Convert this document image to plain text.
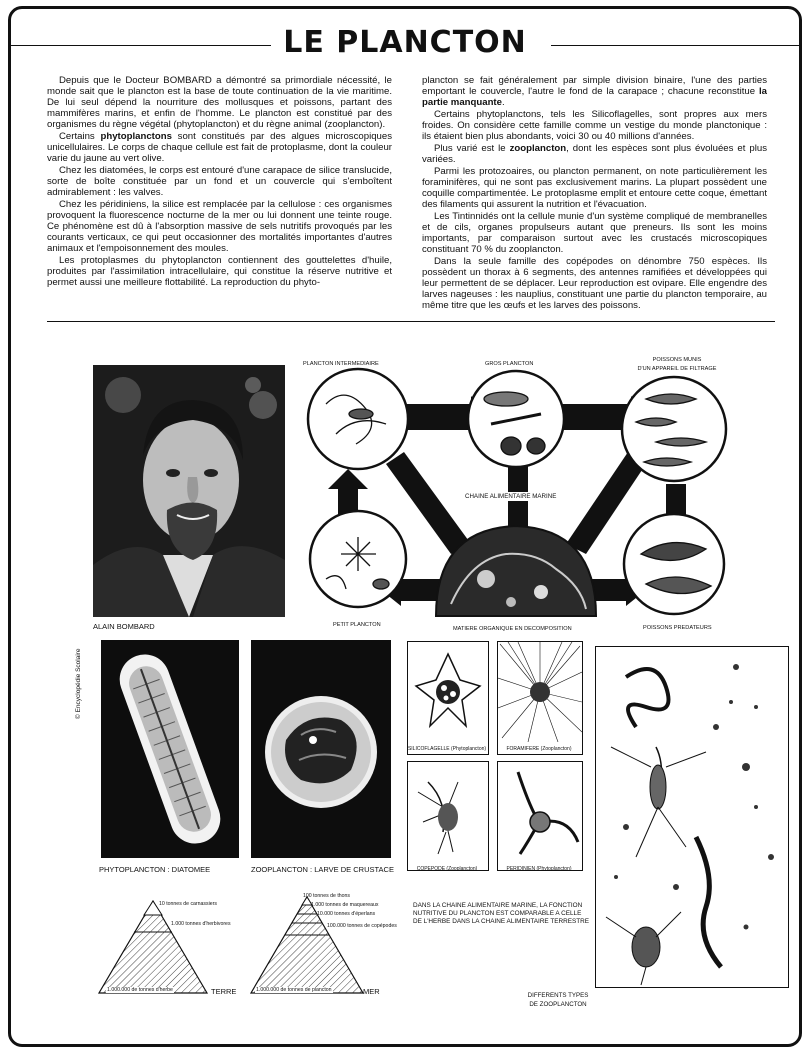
LE PLANCTON

Depuis que le Docteur BOMBARD a démontré sa primordiale nécessité, le monde sait que le plancton est la base de toute continuation de la vie maritime. De lui seul dépend la nourriture des mollusques et poissons, partant des mammifères marins, et enfin de l'homme. Le plancton est constitué par des organismes du règne végétal (phytoplancton) et du règne animal (zooplancton).

Certains phytoplanctons sont constitués par des algues microscopiques unicellulaires. Le corps de chaque cellule est fait de protoplasme, dont la couleur varie du jaune au vert olive.

Chez les diatomées, le corps est entouré d'une carapace de silice translucide, sorte de boîte constituée par un fond et un couvercle qui s'emboîtent admirablement : les valves.

Chez les péridiniens, la silice est remplacée par la cellulose : ces organismes provoquent la fluorescence nocturne de la mer ou lui donnent une teinte rouge. Ce phénomène est dû à l'absorption massive de sels nutritifs provoqués par les courants verticaux, ce qui peut occasionner des mortalités importantes d'autres animaux et l'empoisonnement des moules.

Les protoplasmes du phytoplancton contiennent des gouttelettes d'huile, produites par l'assimilation intracellulaire, qui constitue la réserve nutritive et permet aussi une meilleure flottabilité. La reproduction du phyto-

plancton se fait généralement par simple division binaire, l'une des parties emportant le couvercle, l'autre le fond de la carapace ; chacune reconstitue la partie manquante.

Certains phytoplanctons, tels les Silicoflagelles, sont propres aux mers froides. On considère cette famille comme un vestige du monde planctonique : ils étaient bien plus abondants, voici 30 ou 40 millions d'années.

Plus varié est le zooplancton, dont les espèces sont plus évoluées et plus variées.

Parmi les protozoaires, ou plancton permanent, on note particulièrement les foraminifères, qui ne sont pas exclusivement marins. La plupart possèdent une coquille compartimentée. Le protoplasme emplit et entoure cette coque, émettant des filaments qui assurent la nutrition et l'évacuation.

Les Tintinnidés ont la cellule munie d'un système compliqué de membranelles et de cils, organes propulseurs autant que preneurs. Ils sont les moins importants, par comparaison surtout avec les crustacés microscopiques constituant 70 % du zooplancton.

Dans la seule famille des copépodes on dénombre 750 espèces. Ils possèdent un thorax à 6 segments, des antennes ramifiées et développées qui leur permettent de se déplacer. Leur reproduction est ovipare. Elle engendre des larves nageuses : les nauplius, constituant une partie du plancton temporaire, au même titre que les œufs et les larves des poissons.

ALAIN BOMBARD
PLANCTON INTERMEDIAIRE	GROS PLANCTON
POISSONS MUNIS
D'UN APPAREIL DE FILTRAGE
CHAINE ALIMENTAIRE MARINE
PETIT PLANCTON
MATIERE ORGANIQUE EN DECOMPOSITION	POISSONS PREDATEURS
PHYTOPLANCTON : DIATOMEE	ZOOPLANCTON : LARVE DE CRUSTACE
© Encyclopédie Scolaire
SILICOFLAGELLE (Phytoplancton)	FORAMIFERE (Zooplancton)
COPEPODE (Zooplancton)	PERIDINIEN (Phytoplancton)
DIFFERENTS TYPES
DE ZOOPLANCTON
DANS LA CHAINE ALIMENTAIRE MARINE, LA FONCTION NUTRITIVE DU PLANCTON EST COMPARABLE A CELLE DE L'HERBE DANS LA CHAINE ALIMENTAIRE TERRESTRE
10 tonnes de carnassiers
1.000 tonnes d'herbivores
1.000.000 de tonnes d'herbe	TERRE
100 tonnes de thons
1.000 tonnes de maquereaux
10.000 tonnes d'éperlans
100.000 tonnes de copépodes
1.000.000 de tonnes de plancton	MER
